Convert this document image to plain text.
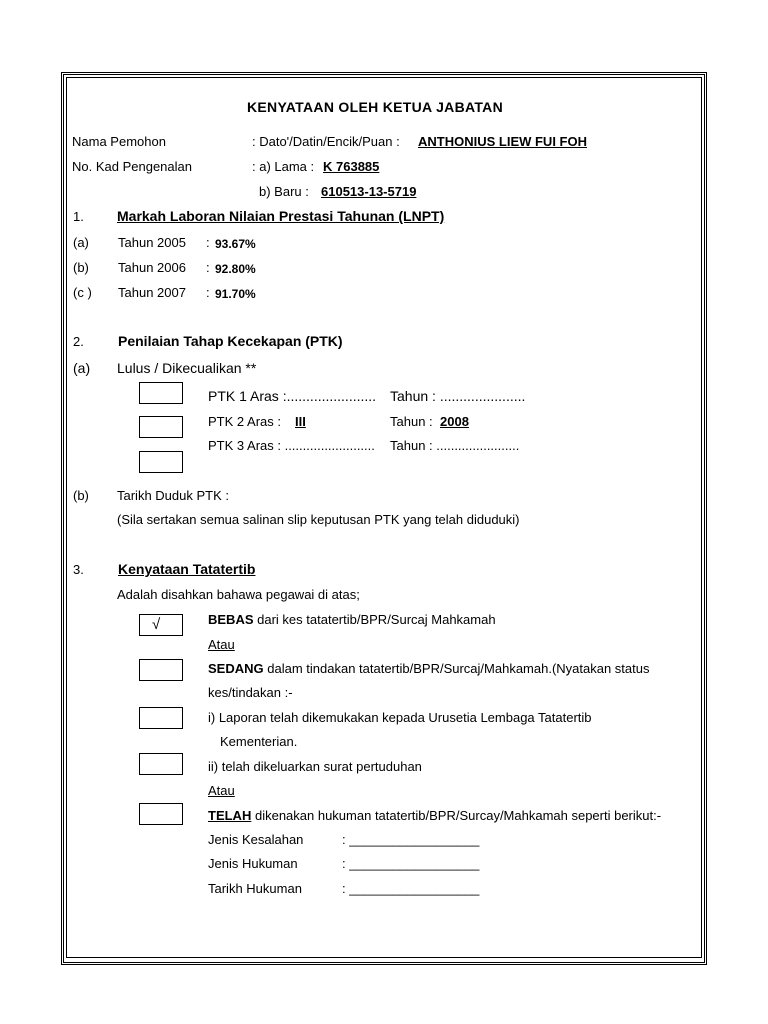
KENYATAAN OLEH KETUA JABATAN
Nama Pemohon	: Dato'/Datin/Encik/Puan : ANTHONIUS LIEW FUI FOH
No. Kad Pengenalan	: a) Lama : K 763885
b) Baru : 610513-13-5719
1. Markah Laboran Nilaian Prestasi Tahunan (LNPT)
(a) Tahun 2005 : 93.67%
(b) Tahun 2006 : 92.80%
(c ) Tahun 2007 : 91.70%
2. Penilaian Tahap Kecekapan (PTK)
(a) Lulus / Dikecualikan **
PTK 1 Aras :....................... Tahun : ......................
PTK 2 Aras : III	Tahun : 2008
PTK 3 Aras : ......................... Tahun : .......................
(b) Tarikh Duduk PTK :
(Sila sertakan semua salinan slip keputusan PTK yang telah diduduki)
3. Kenyataan Tatatertib
Adalah disahkan bahawa pegawai di atas;
√	BEBAS dari kes tatatertib/BPR/Surcaj Mahkamah
Atau
SEDANG dalam tindakan tatatertib/BPR/Surcaj/Mahkamah.(Nyatakan status
kes/tindakan :-
i) Laporan telah dikemukakan kepada Urusetia Lembaga Tatatertib
Kementerian.
ii) telah dikeluarkan surat pertuduhan
Atau
TELAH dikenakan hukuman tatatertib/BPR/Surcay/Mahkamah seperti berikut:-
Jenis Kesalahan	: __________________
Jenis Hukuman	: __________________
Tarikh Hukuman	: __________________
